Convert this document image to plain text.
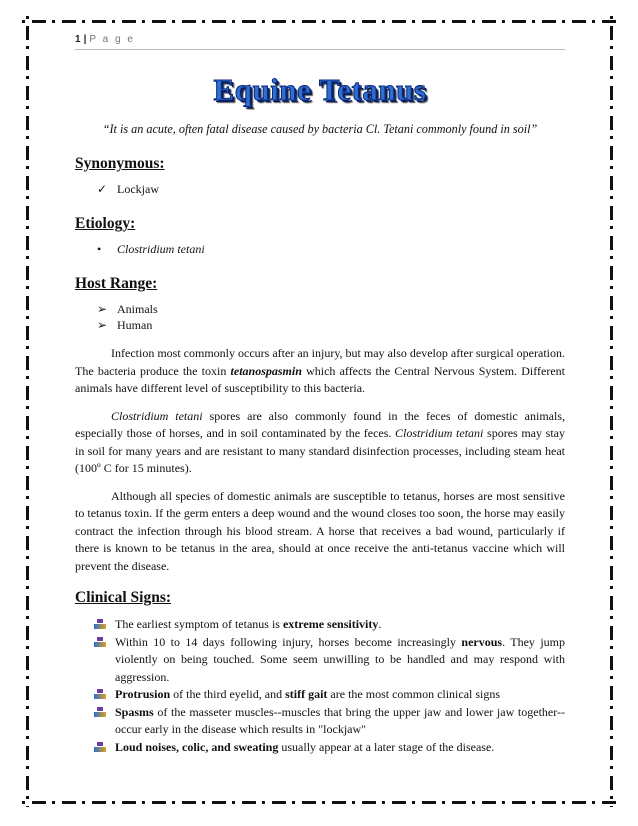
1 | P a g e
Equine Tetanus
“It is an acute, often fatal disease caused by bacteria Cl. Tetani commonly found in soil”
Synonymous:
✓ Lockjaw
Etiology:
•	Clostridium tetani
Host Range:
➢ Animals
➢ Human

Infection most commonly occurs after an injury, but may also develop after surgical operation. The bacteria produce the toxin tetanospasmin which affects the Central Nervous System. Different animals have different level of susceptibility to this bacteria.

Clostridium tetani spores are also commonly found in the feces of domestic animals, especially those of horses, and in soil contaminated by the feces. Clostridium tetani spores may stay in soil for many years and are resistant to many standard disinfection processes, including steam heat (100º C for 15 minutes).

Although all species of domestic animals are susceptible to tetanus, horses are most sensitive to tetanus toxin. If the germ enters a deep wound and the wound closes too soon, the horse may easily contract the infection through his blood stream. A horse that receives a bad wound, particularly if there is known to be tetanus in the area, should at once receive the anti-tetanus vaccine which will prevent the disease.

Clinical Signs:
The earliest symptom of tetanus is extreme sensitivity.
Within 10 to 14 days following injury, horses become increasingly nervous. They jump violently on being touched. Some seem unwilling to be handled and may respond with aggression.
Protrusion of the third eyelid, and stiff gait are the most common clinical signs
Spasms of the masseter muscles--muscles that bring the upper jaw and lower jaw together--occur early in the disease which results in "lockjaw"
Loud noises, colic, and sweating usually appear at a later stage of the disease.
